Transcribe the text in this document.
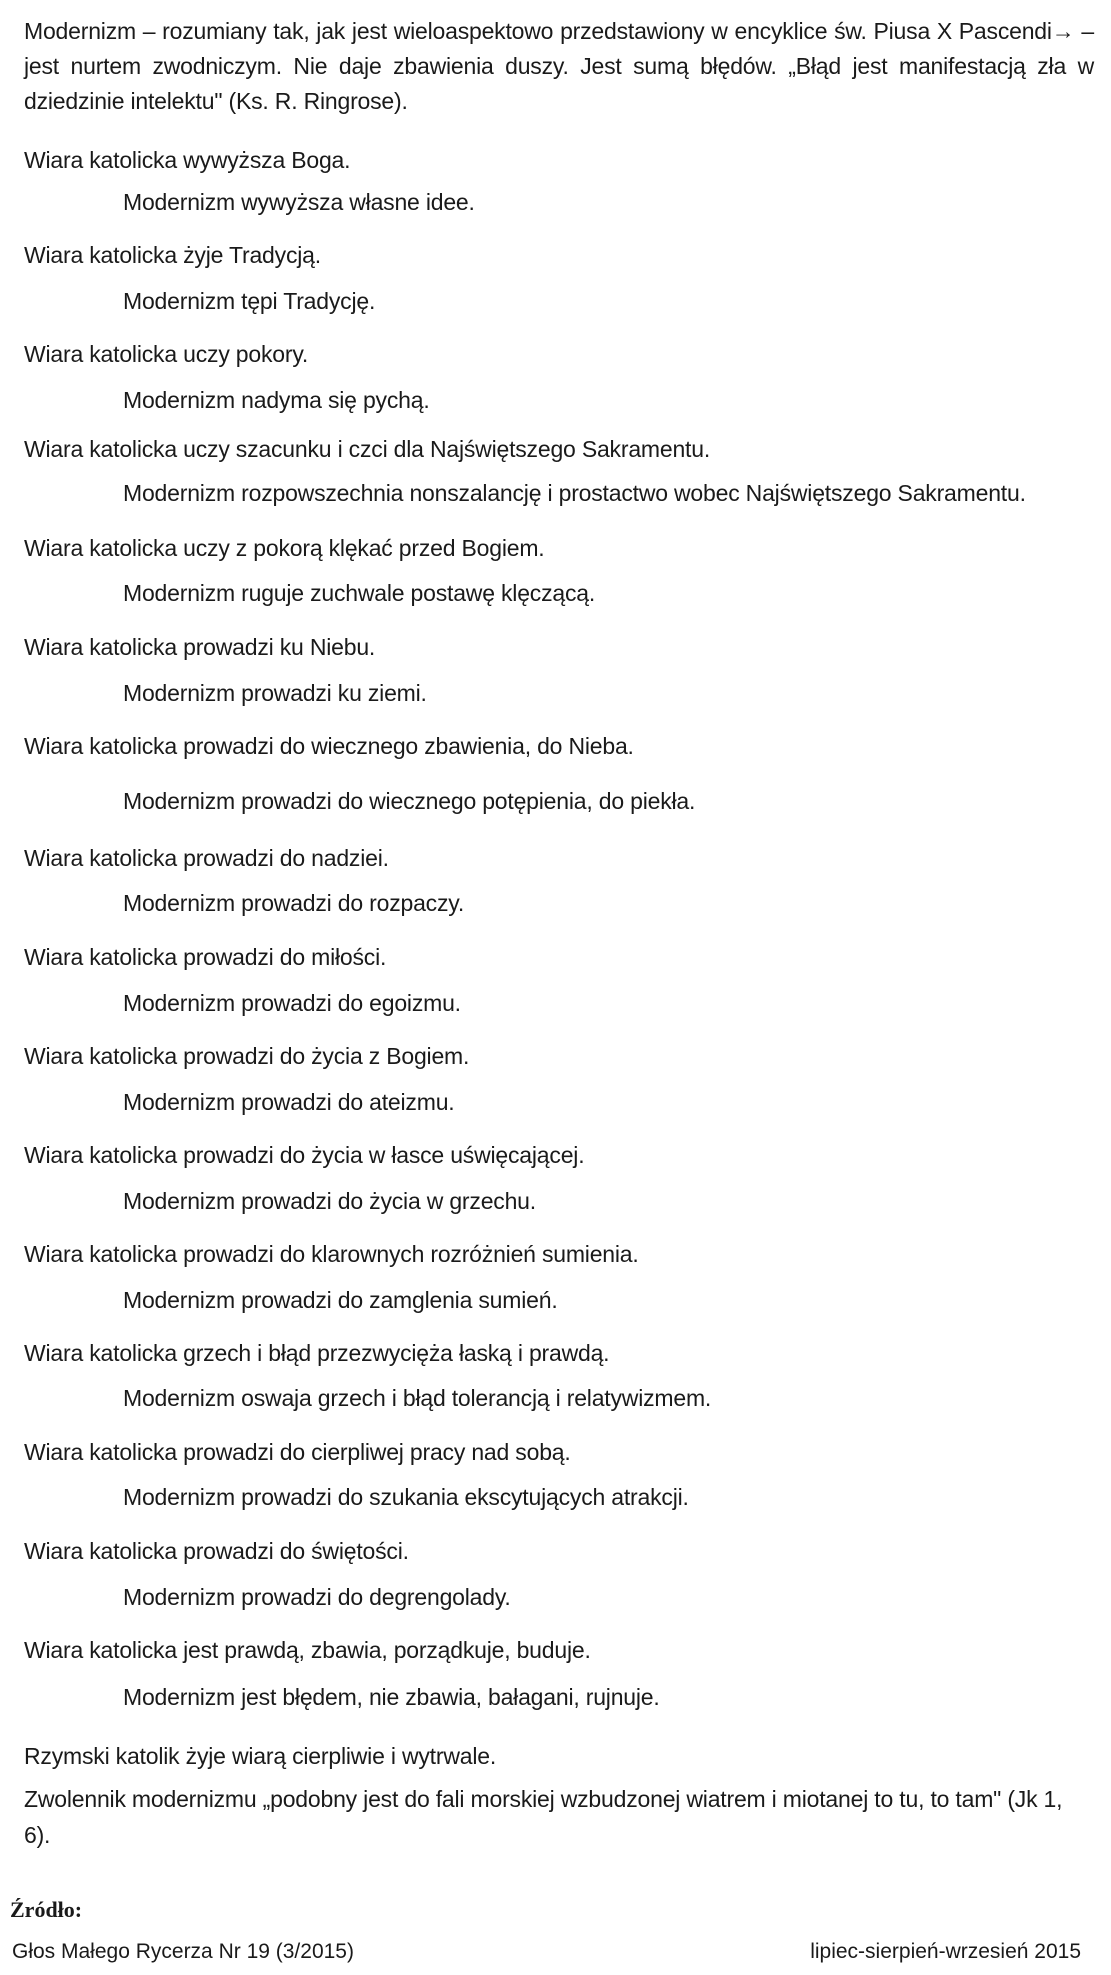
Modernizm – rozumiany tak, jak jest wieloaspektowo przedstawiony w encyklice św. Piusa X Pascendi→ – jest nurtem zwodniczym. Nie daje zbawienia duszy. Jest sumą błędów. „Błąd jest manifestacją zła w dziedzinie intelektu" (Ks. R. Ringrose).
Wiara katolicka wywyższa Boga.
Modernizm wywyższa własne idee.
Wiara katolicka żyje Tradycją.
Modernizm tępi Tradycję.
Wiara katolicka uczy pokory.
Modernizm nadyma się pychą.
Wiara katolicka uczy szacunku i czci dla Najświętszego Sakramentu.
Modernizm rozpowszechnia nonszalancję i prostactwo wobec Najświętszego Sakramentu.
Wiara katolicka uczy z pokorą klękać przed Bogiem.
Modernizm ruguje zuchwale postawę klęczącą.
Wiara katolicka prowadzi ku Niebu.
Modernizm prowadzi ku ziemi.
Wiara katolicka prowadzi do wiecznego zbawienia, do Nieba.
Modernizm prowadzi do wiecznego potępienia, do piekła.
Wiara katolicka prowadzi do nadziei.
Modernizm prowadzi do rozpaczy.
Wiara katolicka prowadzi do miłości.
Modernizm prowadzi do egoizmu.
Wiara katolicka prowadzi do życia z Bogiem.
Modernizm prowadzi do ateizmu.
Wiara katolicka prowadzi do życia w łasce uświęcającej.
Modernizm prowadzi do życia w grzechu.
Wiara katolicka prowadzi do klarownych rozróżnień sumienia.
Modernizm prowadzi do zamglenia sumień.
Wiara katolicka grzech i błąd przezwycięża łaską i prawdą.
Modernizm oswaja grzech i błąd tolerancją i relatywizmem.
Wiara katolicka prowadzi do cierpliwej pracy nad sobą.
Modernizm prowadzi do szukania ekscytujących atrakcji.
Wiara katolicka prowadzi do świętości.
Modernizm prowadzi do degrengolady.
Wiara katolicka jest prawdą, zbawia, porządkuje, buduje.
Modernizm jest błędem, nie zbawia, bałagani, rujnuje.
Rzymski katolik żyje wiarą cierpliwie i wytrwale.
Zwolennik modernizmu „podobny jest do fali morskiej wzbudzonej wiatrem i miotanej to tu, to tam" (Jk 1, 6).
Źródło:
Głos Małego Rycerza Nr 19 (3/2015)	lipiec-sierpień-wrzesień 2015
